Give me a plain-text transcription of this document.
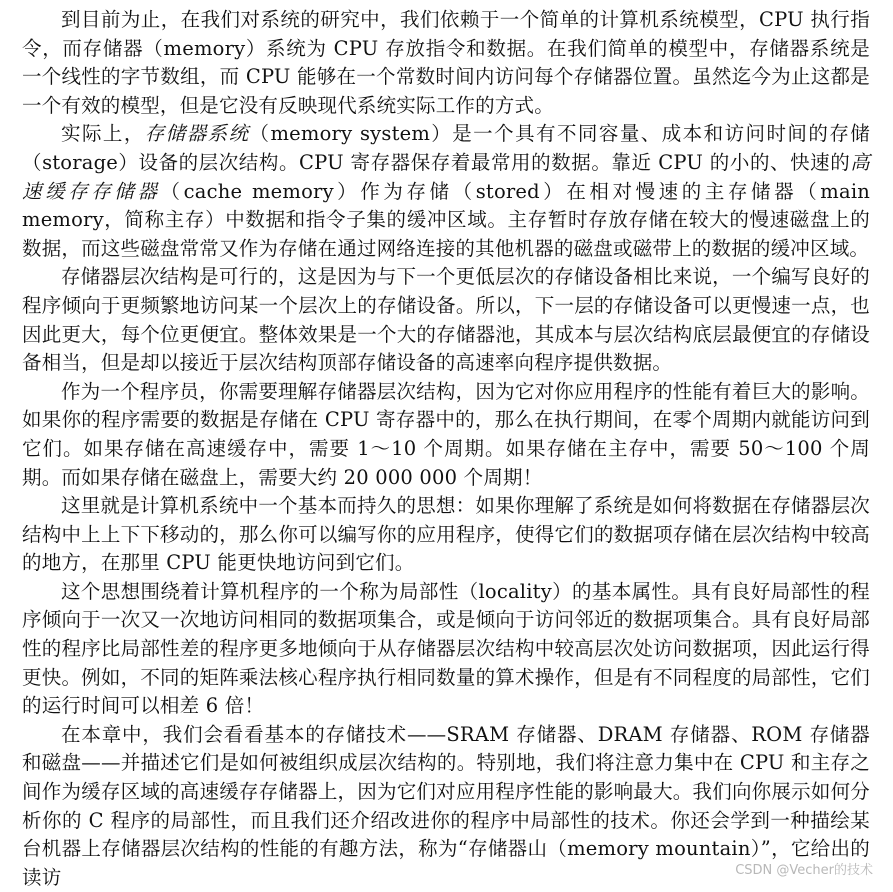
到目前为止，在我们对系统的研究中，我们依赖于一个简单的计算机系统模型，CPU 执行指令，而存储器（memory）系统为 CPU 存放指令和数据。在我们简单的模型中，存储器系统是一个线性的字节数组，而 CPU 能够在一个常数时间内访问每个存储器位置。虽然迄今为止这都是一个有效的模型，但是它没有反映现代系统实际工作的方式。

实际上，存储器系统（memory system）是一个具有不同容量、成本和访问时间的存储（storage）设备的层次结构。CPU 寄存器保存着最常用的数据。靠近 CPU 的小的、快速的高速缓存存储器（cache memory）作为存储（stored）在相对慢速的主存储器（main memory，简称主存）中数据和指令子集的缓冲区域。主存暂时存放存储在较大的慢速磁盘上的数据，而这些磁盘常常又作为存储在通过网络连接的其他机器的磁盘或磁带上的数据的缓冲区域。

存储器层次结构是可行的，这是因为与下一个更低层次的存储设备相比来说，一个编写良好的程序倾向于更频繁地访问某一个层次上的存储设备。所以，下一层的存储设备可以更慢速一点，也因此更大，每个位更便宜。整体效果是一个大的存储器池，其成本与层次结构底层最便宜的存储设备相当，但是却以接近于层次结构顶部存储设备的高速率向程序提供数据。

作为一个程序员，你需要理解存储器层次结构，因为它对你应用程序的性能有着巨大的影响。如果你的程序需要的数据是存储在 CPU 寄存器中的，那么在执行期间，在零个周期内就能访问到它们。如果存储在高速缓存中，需要 1～10 个周期。如果存储在主存中，需要 50～100 个周期。而如果存储在磁盘上，需要大约 20 000 000 个周期！

这里就是计算机系统中一个基本而持久的思想：如果你理解了系统是如何将数据在存储器层次结构中上上下下移动的，那么你可以编写你的应用程序，使得它们的数据项存储在层次结构中较高的地方，在那里 CPU 能更快地访问到它们。

这个思想围绕着计算机程序的一个称为局部性（locality）的基本属性。具有良好局部性的程序倾向于一次又一次地访问相同的数据项集合，或是倾向于访问邻近的数据项集合。具有良好局部性的程序比局部性差的程序更多地倾向于从存储器层次结构中较高层次处访问数据项，因此运行得更快。例如，不同的矩阵乘法核心程序执行相同数量的算术操作，但是有不同程度的局部性，它们的运行时间可以相差 6 倍！

在本章中，我们会看看基本的存储技术——SRAM 存储器、DRAM 存储器、ROM 存储器和磁盘——并描述它们是如何被组织成层次结构的。特别地，我们将注意力集中在 CPU 和主存之间作为缓存区域的高速缓存存储器上，因为它们对应用程序性能的影响最大。我们向你展示如何分析你的 C 程序的局部性，而且我们还介绍改进你的程序中局部性的技术。你还会学到一种描绘某台机器上存储器层次结构的性能的有趣方法，称为“存储器山（memory mountain）”，它给出的读访	CSDN @Vecher的技术
